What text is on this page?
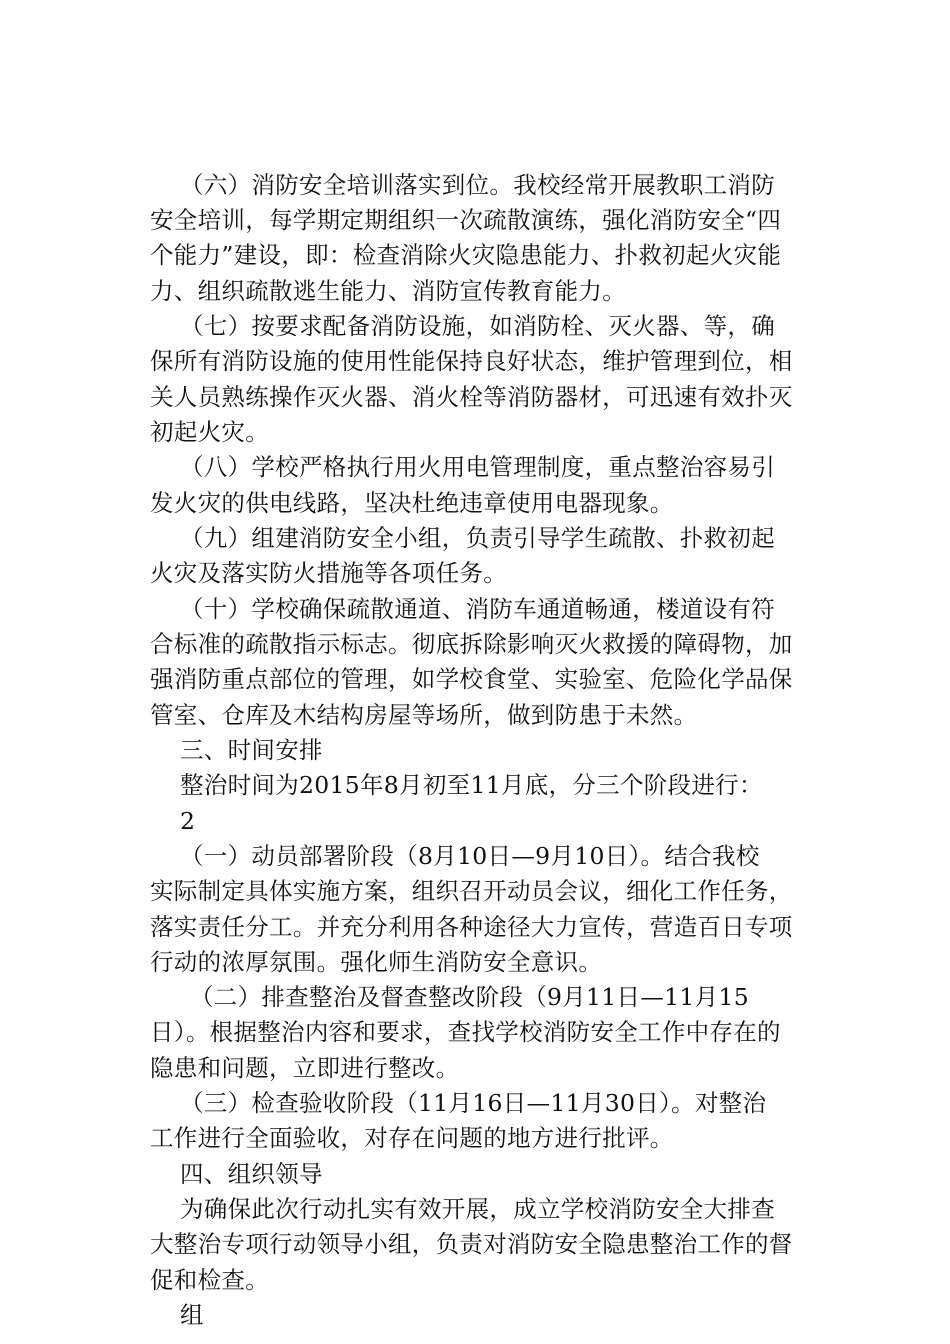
（六）消防安全培训落实到位。我校经常开展教职工消防
安全培训，每学期定期组织一次疏散演练，强化消防安全“四
个能力”建设，即：检查消除火灾隐患能力、扑救初起火灾能
力、组织疏散逃生能力、消防宣传教育能力。
（七）按要求配备消防设施，如消防栓、灭火器、等，确
保所有消防设施的使用性能保持良好状态，维护管理到位，相
关人员熟练操作灭火器、消火栓等消防器材，可迅速有效扑灭
初起火灾。
（八）学校严格执行用火用电管理制度，重点整治容易引
发火灾的供电线路，坚决杜绝违章使用电器现象。
（九）组建消防安全小组，负责引导学生疏散、扑救初起
火灾及落实防火措施等各项任务。
（十）学校确保疏散通道、消防车通道畅通，楼道设有符
合标准的疏散指示标志。彻底拆除影响灭火救援的障碍物，加
强消防重点部位的管理，如学校食堂、实验室、危险化学品保
管室、仓库及木结构房屋等场所，做到防患于未然。
三、时间安排
整治时间为2015年8月初至11月底，分三个阶段进行：
2
（一）动员部署阶段（8月10日—9月10日）。结合我校
实际制定具体实施方案，组织召开动员会议，细化工作任务，
落实责任分工。并充分利用各种途径大力宣传，营造百日专项
行动的浓厚氛围。强化师生消防安全意识。
（二）排查整治及督查整改阶段（9月11日—11月15
日）。根据整治内容和要求，查找学校消防安全工作中存在的
隐患和问题，立即进行整改。
（三）检查验收阶段（11月16日—11月30日）。对整治
工作进行全面验收，对存在问题的地方进行批评。
四、组织领导
为确保此次行动扎实有效开展，成立学校消防安全大排查
大整治专项行动领导小组，负责对消防安全隐患整治工作的督
促和检查。
组
